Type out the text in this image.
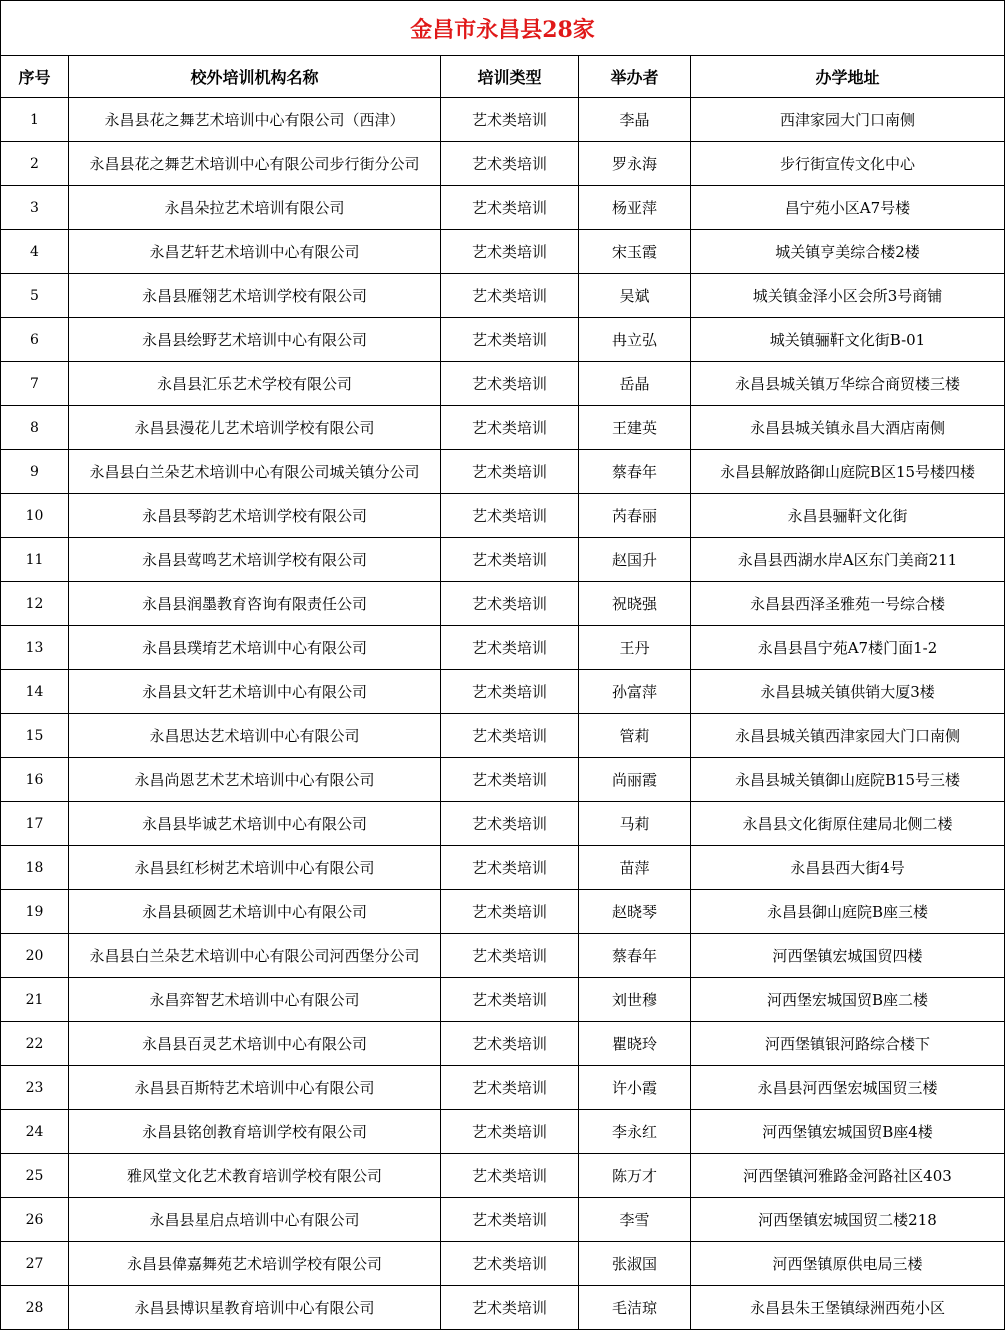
金昌市永昌县28家				
序号	校外培训机构名称	培训类型	举办者	办学地址
1	永昌县花之舞艺术培训中心有限公司（西津）	艺术类培训	李晶	西津家园大门口南侧
2	永昌县花之舞艺术培训中心有限公司步行街分公司	艺术类培训	罗永海	步行街宣传文化中心
3	永昌朵拉艺术培训有限公司	艺术类培训	杨亚萍	昌宁苑小区A7号楼
4	永昌艺轩艺术培训中心有限公司	艺术类培训	宋玉霞	城关镇亨美综合楼2楼
5	永昌县雁翎艺术培训学校有限公司	艺术类培训	吴斌	城关镇金泽小区会所3号商铺
6	永昌县绘野艺术培训中心有限公司	艺术类培训	冉立弘	城关镇骊靬文化街B-01
7	永昌县汇乐艺术学校有限公司	艺术类培训	岳晶	永昌县城关镇万华综合商贸楼三楼
8	永昌县漫花儿艺术培训学校有限公司	艺术类培训	王建英	永昌县城关镇永昌大酒店南侧
9	永昌县白兰朵艺术培训中心有限公司城关镇分公司	艺术类培训	蔡春年	永昌县解放路御山庭院B区15号楼四楼
10	永昌县琴韵艺术培训学校有限公司	艺术类培训	芮春丽	永昌县骊靬文化街
11	永昌县莺鸣艺术培训学校有限公司	艺术类培训	赵国升	永昌县西湖水岸A区东门美商211
12	永昌县润墨教育咨询有限责任公司	艺术类培训	祝晓强	永昌县西泽圣雅苑一号综合楼
13	永昌县璞堉艺术培训中心有限公司	艺术类培训	王丹	永昌县昌宁苑A7楼门面1-2
14	永昌县文轩艺术培训中心有限公司	艺术类培训	孙富萍	永昌县城关镇供销大厦3楼
15	永昌思达艺术培训中心有限公司	艺术类培训	管莉	永昌县城关镇西津家园大门口南侧
16	永昌尚恩艺术艺术培训中心有限公司	艺术类培训	尚丽霞	永昌县城关镇御山庭院B15号三楼
17	永昌县毕诚艺术培训中心有限公司	艺术类培训	马莉	永昌县文化街原住建局北侧二楼
18	永昌县红杉树艺术培训中心有限公司	艺术类培训	苗萍	永昌县西大街4号
19	永昌县硕圆艺术培训中心有限公司	艺术类培训	赵晓琴	永昌县御山庭院B座三楼
20	永昌县白兰朵艺术培训中心有限公司河西堡分公司	艺术类培训	蔡春年	河西堡镇宏城国贸四楼
21	永昌弈智艺术培训中心有限公司	艺术类培训	刘世穆	河西堡宏城国贸B座二楼
22	永昌县百灵艺术培训中心有限公司	艺术类培训	瞿晓玲	河西堡镇银河路综合楼下
23	永昌县百斯特艺术培训中心有限公司	艺术类培训	许小霞	永昌县河西堡宏城国贸三楼
24	永昌县铭创教育培训学校有限公司	艺术类培训	李永红	河西堡镇宏城国贸B座4楼
25	雅风堂文化艺术教育培训学校有限公司	艺术类培训	陈万才	河西堡镇河雅路金河路社区403
26	永昌县星启点培训中心有限公司	艺术类培训	李雪	河西堡镇宏城国贸二楼218
27	永昌县偉嘉舞苑艺术培训学校有限公司	艺术类培训	张淑国	河西堡镇原供电局三楼
28	永昌县博识星教育培训中心有限公司	艺术类培训	毛洁琼	永昌县朱王堡镇绿洲西苑小区
